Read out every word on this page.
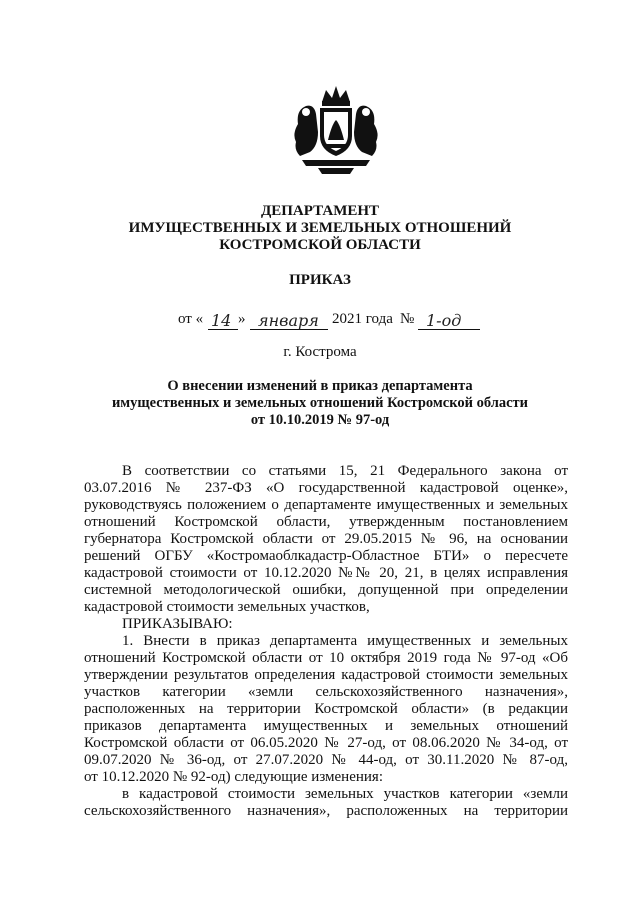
ДЕПАРТАМЕНТ
ИМУЩЕСТВЕННЫХ И ЗЕМЕЛЬНЫХ ОТНОШЕНИЙ
КОСТРОМСКОЙ ОБЛАСТИ
ПРИКАЗ
от « 14 » января 2021 года № 1-од
г. Кострома
О внесении изменений в приказ департамента
имущественных и земельных отношений Костромской области
от 10.10.2019 № 97-од
В соответствии со статьями 15, 21 Федерального закона от
03.07.2016 № 237-ФЗ «О государственной кадастровой оценке»,
руководствуясь положением о департаменте имущественных и земельных
отношений Костромской области, утвержденным постановлением
губернатора Костромской области от 29.05.2015 № 96, на основании
решений ОГБУ «Костромаоблкадастр-Областное БТИ» о пересчете
кадастровой стоимости от 10.12.2020 №№ 20, 21, в целях исправления
системной методологической ошибки, допущенной при определении
кадастровой стоимости земельных участков,
ПРИКАЗЫВАЮ:
1. Внести в приказ департамента имущественных и земельных
отношений Костромской области от 10 октября 2019 года № 97-од «Об
утверждении результатов определения кадастровой стоимости земельных
участков категории «земли сельскохозяйственного назначения»,
расположенных на территории Костромской области» (в редакции
приказов департамента имущественных и земельных отношений
Костромской области от 06.05.2020 № 27-од, от 08.06.2020 № 34-од, от
09.07.2020 № 36-од, от 27.07.2020 № 44-од, от 30.11.2020 № 87-од,
от 10.12.2020 № 92-од) следующие изменения:
в кадастровой стоимости земельных участков категории «земли
сельскохозяйственного назначения», расположенных на территории
